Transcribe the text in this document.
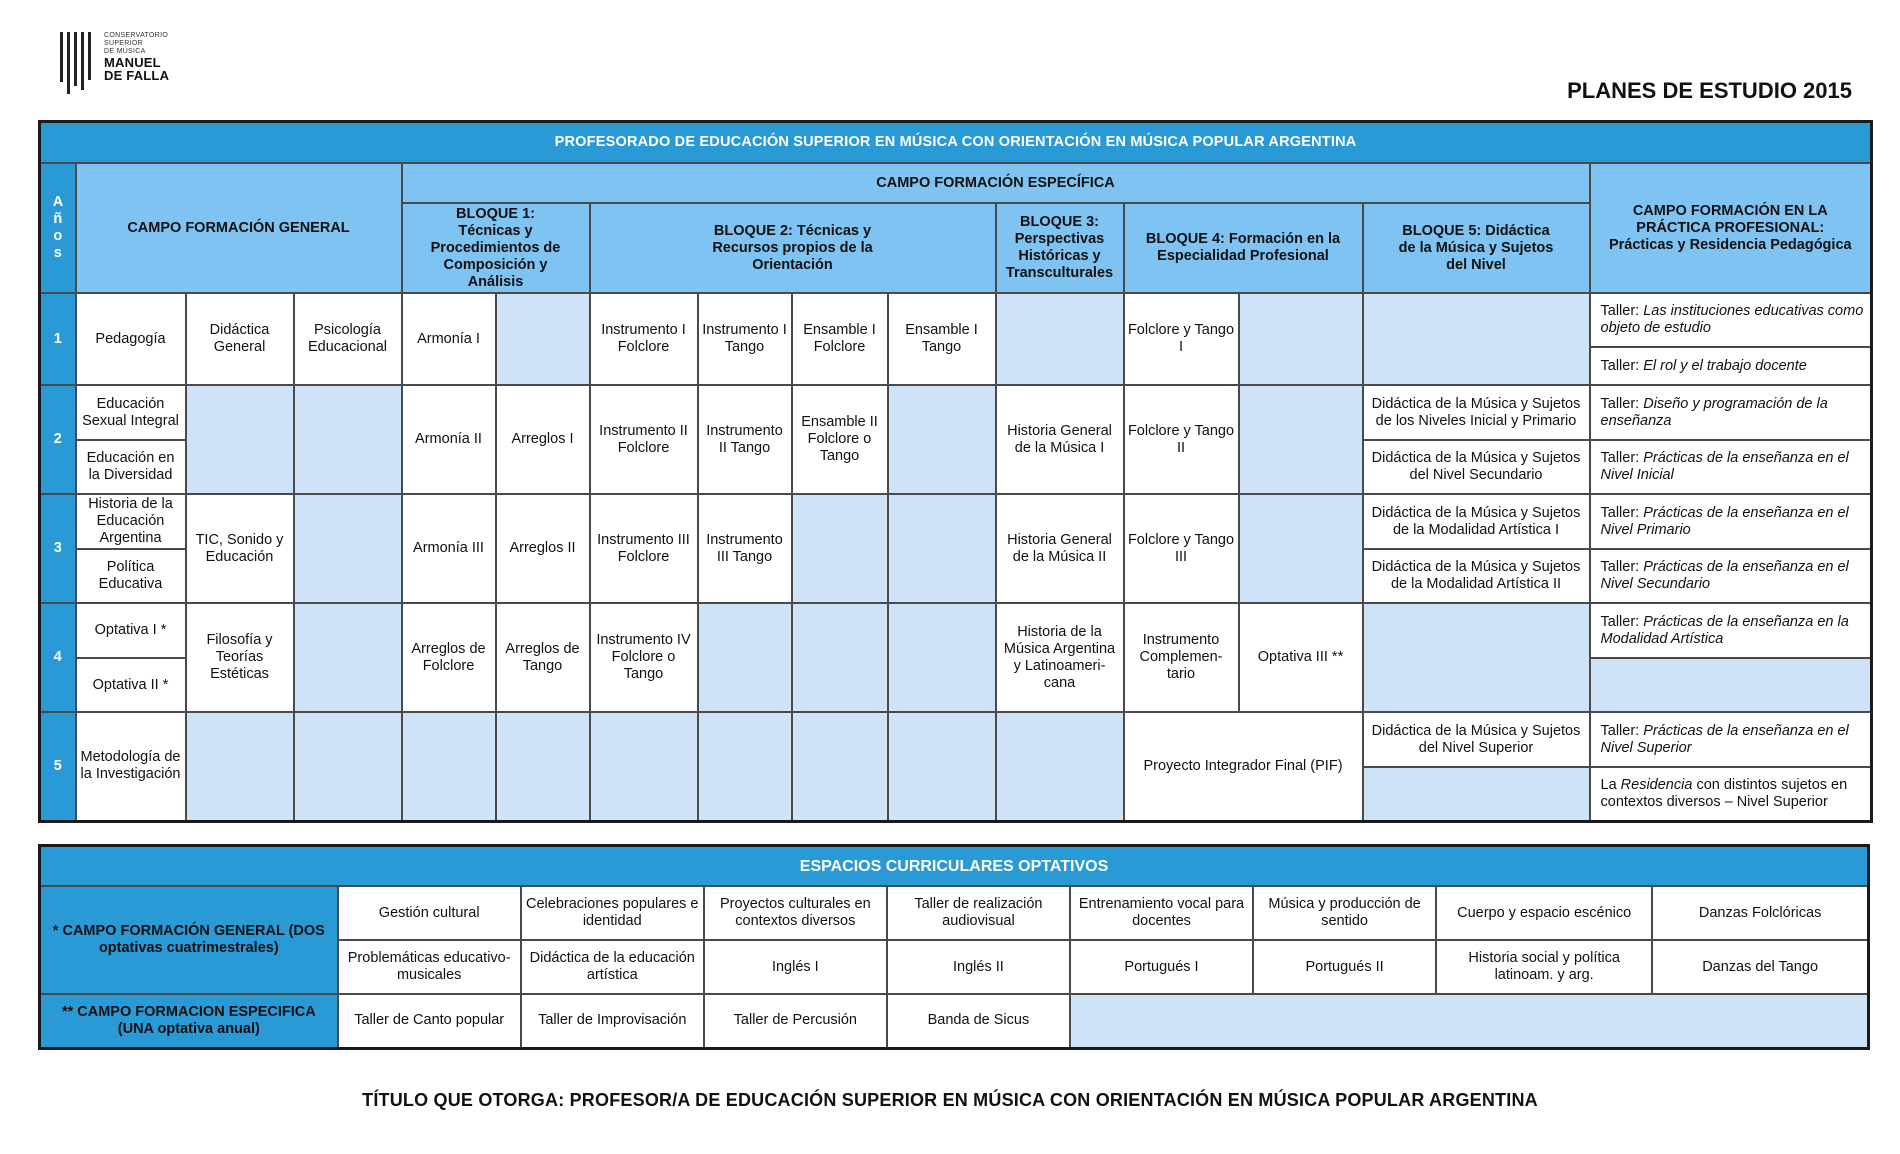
CONSERVATORIO
SUPERIOR
DE MÚSICA
MANUEL
DE FALLA
PLANES DE ESTUDIO 2015
PROFESORADO DE EDUCACIÓN SUPERIOR EN MÚSICA CON ORIENTACIÓN EN MÚSICA POPULAR ARGENTINA														
Años	CAMPO FORMACIÓN GENERAL			CAMPO FORMACIÓN ESPECÍFICA										CAMPO FORMACIÓN EN LA PRÁCTICA PROFESIONAL: Prácticas y Residencia Pedagógica
				BLOQUE 1: Técnicas y Procedimientos de Composición y Análisis		BLOQUE 2: Técnicas y Recursos propios de la Orientación				BLOQUE 3: Perspectivas Históricas y Transculturales	BLOQUE 4: Formación en la Especialidad Profesional		BLOQUE 5: Didáctica de la Música y Sujetos del Nivel	
1	Pedagogía	Didáctica General	Psicología Educacional	Armonía I		Instrumento I Folclore	Instrumento I Tango	Ensamble I Folclore	Ensamble I Tango		Folclore y Tango I			Taller: Las instituciones educativas como objeto de estudio
														Taller: El rol y el trabajo docente
2	Educación Sexual Integral			Armonía II	Arreglos I	Instrumento II Folclore	Instrumento II Tango	Ensamble II Folclore o Tango		Historia General de la Música I	Folclore y Tango II		Didáctica de la Música y Sujetos de los Niveles Inicial y Primario	Taller: Diseño y programación de la enseñanza
	Educación en la Diversidad												Didáctica de la Música y Sujetos del Nivel Secundario	Taller: Prácticas de la enseñanza en el Nivel Inicial
3	Historia de la Educación Argentina	TIC, Sonido y Educación		Armonía III	Arreglos II	Instrumento III Folclore	Instrumento III Tango			Historia General de la Música II	Folclore y Tango III		Didáctica de la Música y Sujetos de la Modalidad Artística I	Taller: Prácticas de la enseñanza en el Nivel Primario
	Política Educativa												Didáctica de la Música y Sujetos de la Modalidad Artística II	Taller: Prácticas de la enseñanza en el Nivel Secundario
4	Optativa I *	Filosofía y Teorías Estéticas		Arreglos de Folclore	Arreglos de Tango	Instrumento IV Folclore o Tango				Historia de la Música Argentina y Latinoameri-cana	Instrumento Complemen-tario	Optativa III **		Taller: Prácticas de la enseñanza en la Modalidad Artística
	Optativa II *													
5	Metodología de la Investigación										Proyecto Integrador Final (PIF)		Didáctica de la Música y Sujetos del Nivel Superior	Taller: Prácticas de la enseñanza en el Nivel Superior
														La Residencia con distintos sujetos en contextos diversos – Nivel Superior
ESPACIOS CURRICULARES OPTATIVOS								
* CAMPO FORMACIÓN GENERAL (DOS optativas cuatrimestrales)	Gestión cultural	Celebraciones populares e identidad	Proyectos culturales en contextos diversos	Taller de realización audiovisual	Entrenamiento vocal para docentes	Música y producción de sentido	Cuerpo y espacio escénico	Danzas Folclóricas
	Problemáticas educativo-musicales	Didáctica de la educación artística	Inglés I	Inglés II	Portugués I	Portugués II	Historia social y política latinoam. y arg.	Danzas del Tango
** CAMPO FORMACION ESPECIFICA (UNA optativa anual)	Taller de Canto popular	Taller de Improvisación	Taller de Percusión	Banda de Sicus				
TÍTULO QUE OTORGA: PROFESOR/A DE EDUCACIÓN SUPERIOR EN MÚSICA CON ORIENTACIÓN EN MÚSICA POPULAR ARGENTINA
